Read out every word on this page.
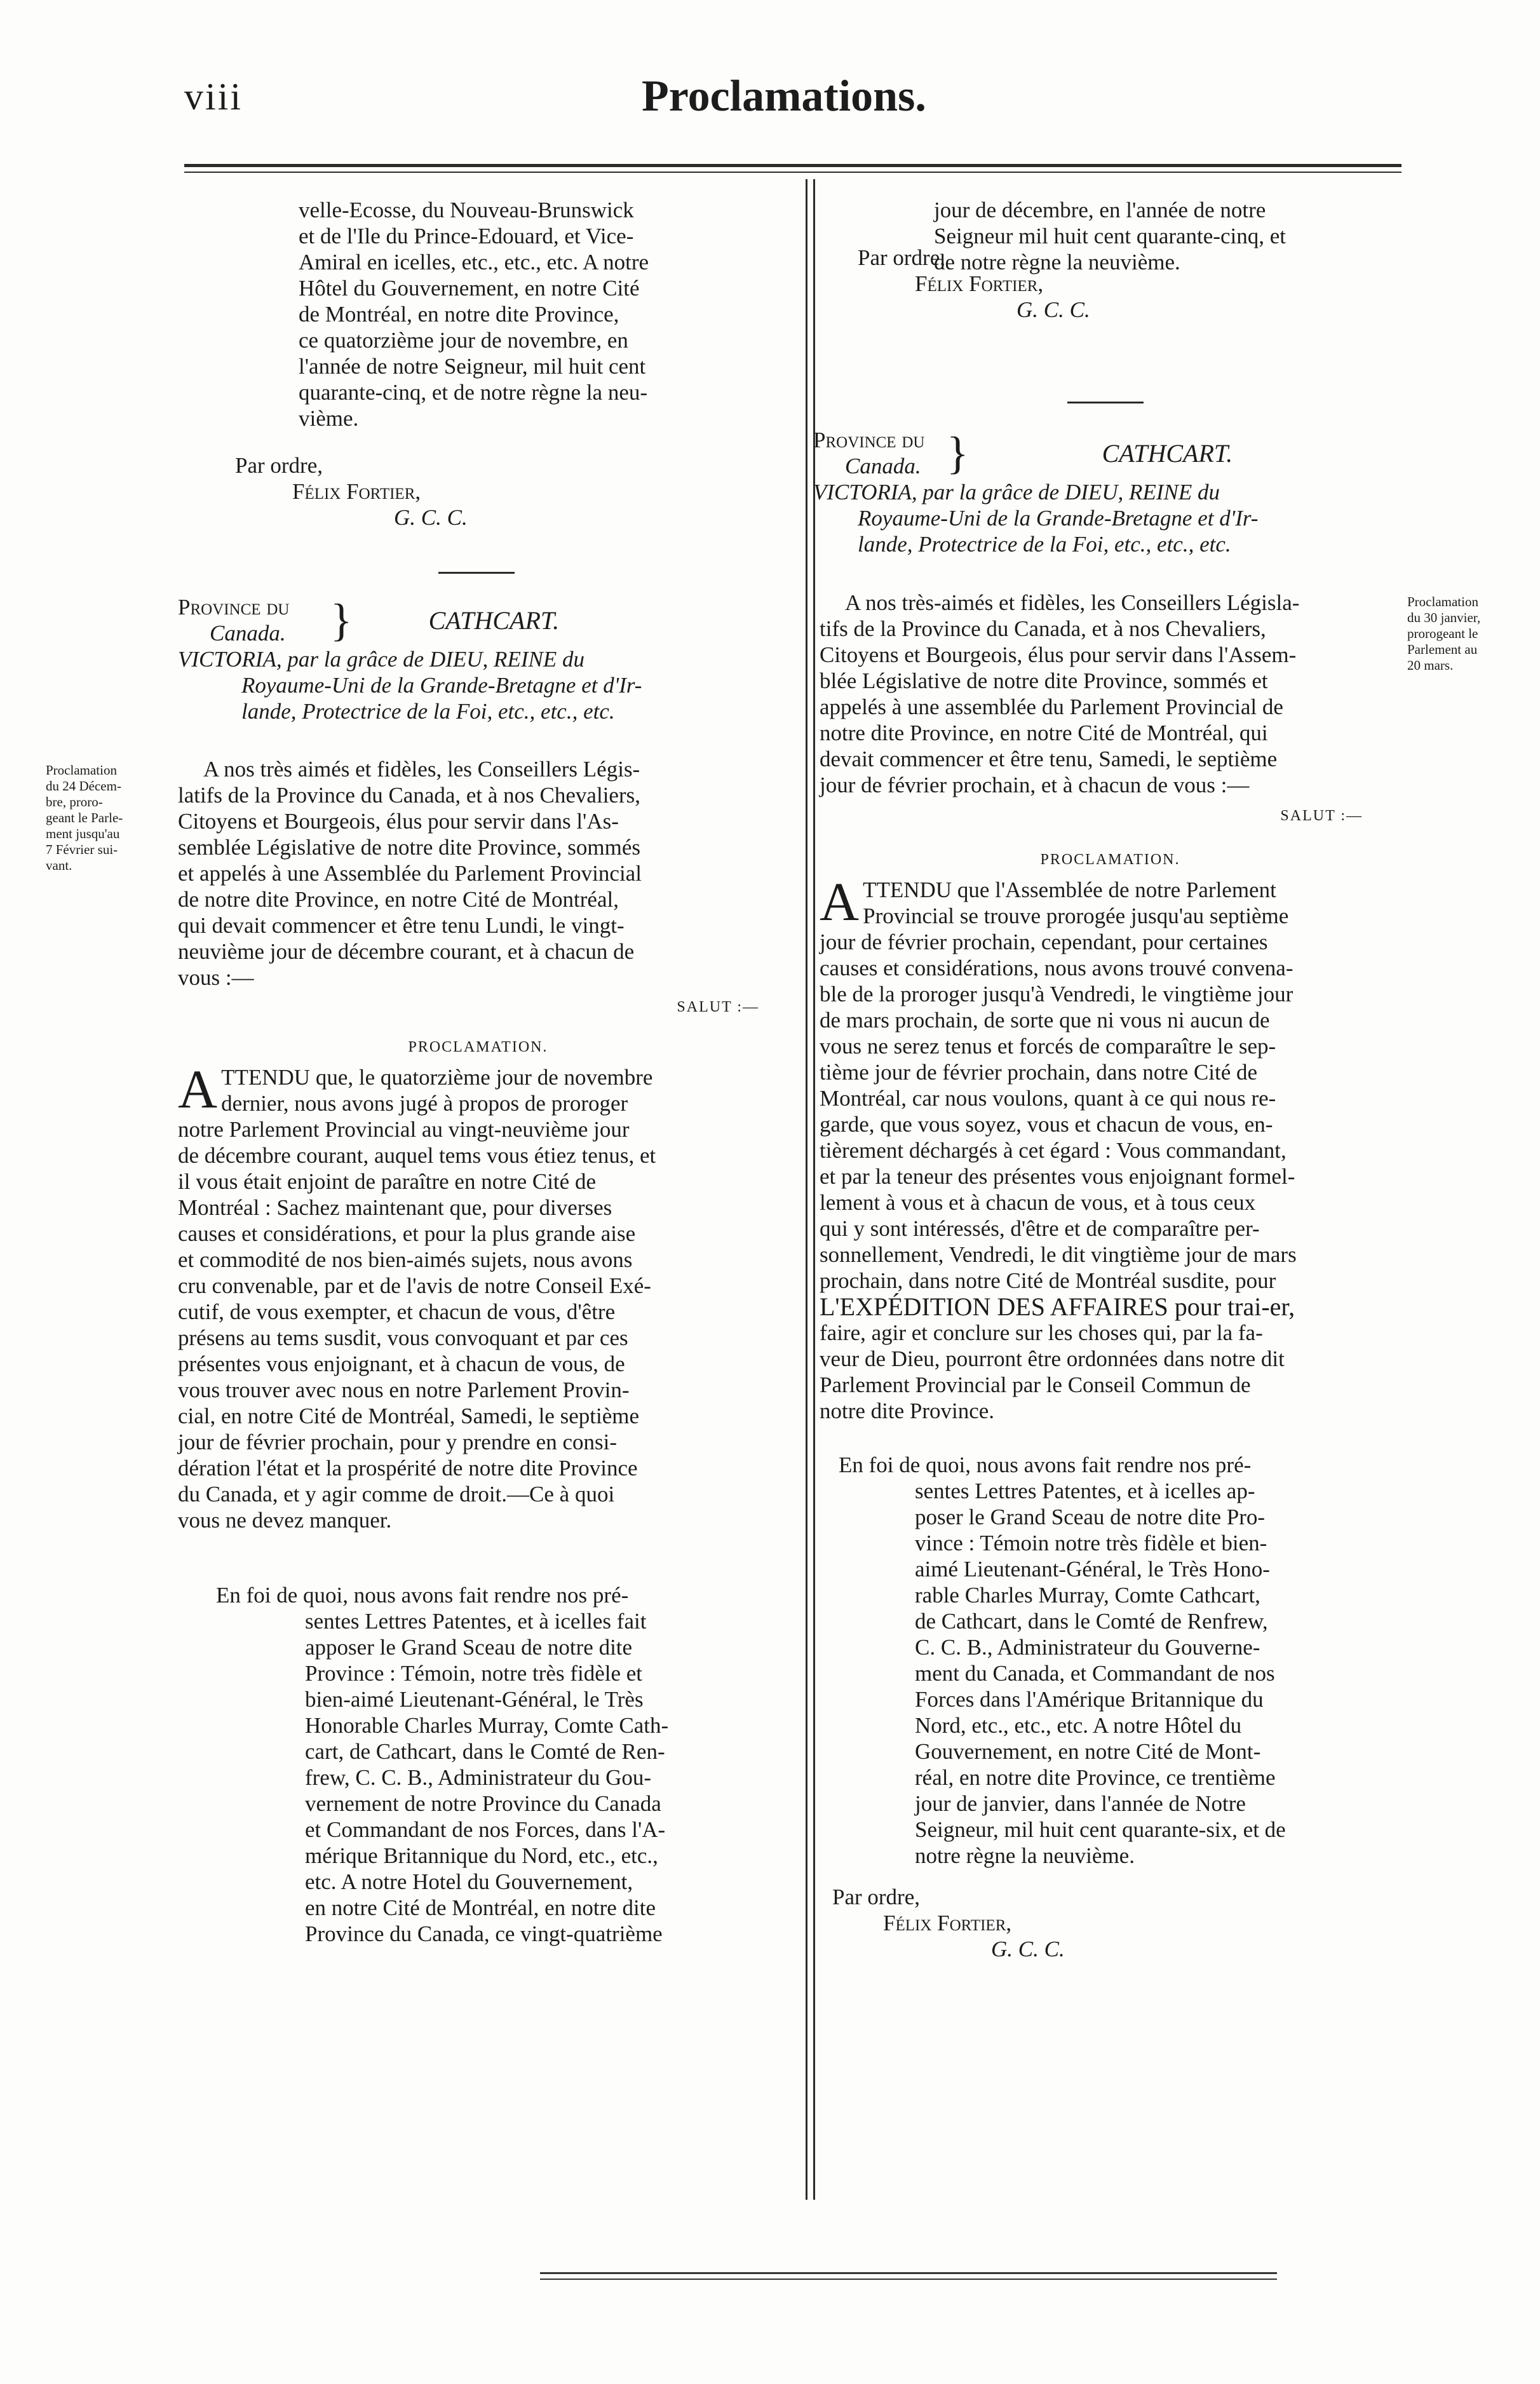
viii	Proclamations.

velle-Ecosse, du Nouveau-Brunswick

et de l'Ile du Prince-Edouard, et Vice-

Amiral en icelles, etc., etc., etc. A notre

Hôtel du Gouvernement, en notre Cité

de Montréal, en notre dite Province,

ce quatorzième jour de novembre, en

l'année de notre Seigneur, mil huit cent

quarante-cinq, et de notre règne la neu-

vième.

Par ordre,

Félix Fortier,

G. C. C.

Province du

Canada. }	CATHCART.

VICTORIA, par la grâce de DIEU, REINE du

Royaume-Uni de la Grande-Bretagne et d'Ir-

lande, Protectrice de la Foi, etc., etc., etc.

Proclamation
du 24 Décem-
bre, proro-
geant le Parle-
ment jusqu'au
7 Février sui-
vant.

A nos très aimés et fidèles, les Conseillers Légis-

latifs de la Province du Canada, et à nos Chevaliers,

Citoyens et Bourgeois, élus pour servir dans l'As-

semblée Législative de notre dite Province, sommés

et appelés à une Assemblée du Parlement Provincial

de notre dite Province, en notre Cité de Montréal,

qui devait commencer et être tenu Lundi, le vingt-

neuvième jour de décembre courant, et à chacun de

vous :—

SALUT :—

PROCLAMATION.

A TTENDU que, le quatorzième jour de novembre

dernier, nous avons jugé à propos de proroger

notre Parlement Provincial au vingt-neuvième jour

de décembre courant, auquel tems vous étiez tenus, et

il vous était enjoint de paraître en notre Cité de

Montréal : Sachez maintenant que, pour diverses

causes et considérations, et pour la plus grande aise

et commodité de nos bien-aimés sujets, nous avons

cru convenable, par et de l'avis de notre Conseil Exé-

cutif, de vous exempter, et chacun de vous, d'être

présens au tems susdit, vous convoquant et par ces

présentes vous enjoignant, et à chacun de vous, de

vous trouver avec nous en notre Parlement Provin-

cial, en notre Cité de Montréal, Samedi, le septième

jour de février prochain, pour y prendre en consi-

dération l'état et la prospérité de notre dite Province

du Canada, et y agir comme de droit.—Ce à quoi

vous ne devez manquer.

En foi de quoi, nous avons fait rendre nos pré-

sentes Lettres Patentes, et à icelles fait

apposer le Grand Sceau de notre dite

Province : Témoin, notre très fidèle et

bien-aimé Lieutenant-Général, le Très

Honorable Charles Murray, Comte Cath-

cart, de Cathcart, dans le Comté de Ren-

frew, C. C. B., Administrateur du Gou-

vernement de notre Province du Canada

et Commandant de nos Forces, dans l'A-

mérique Britannique du Nord, etc., etc.,

etc. A notre Hotel du Gouvernement,

en notre Cité de Montréal, en notre dite

Province du Canada, ce vingt-quatrième

jour de décembre, en l'année de notre

Seigneur mil huit cent quarante-cinq, et

de notre règne la neuvième.

Par ordre,

Félix Fortier,

G. C. C.

Province du

Canada. }	CATHCART.

VICTORIA, par la grâce de DIEU, REINE du

Royaume-Uni de la Grande-Bretagne et d'Ir-

lande, Protectrice de la Foi, etc., etc., etc.

Proclamation
du 30 janvier,
prorogeant le
Parlement au
20 mars.

A nos très-aimés et fidèles, les Conseillers Législa-

tifs de la Province du Canada, et à nos Chevaliers,

Citoyens et Bourgeois, élus pour servir dans l'Assem-

blée Législative de notre dite Province, sommés et

appelés à une assemblée du Parlement Provincial de

notre dite Province, en notre Cité de Montréal, qui

devait commencer et être tenu, Samedi, le septième

jour de février prochain, et à chacun de vous :—

SALUT :—

PROCLAMATION.

A TTENDU que l'Assemblée de notre Parlement

Provincial se trouve prorogée jusqu'au septième

jour de février prochain, cependant, pour certaines

causes et considérations, nous avons trouvé convena-

ble de la proroger jusqu'à Vendredi, le vingtième jour

de mars prochain, de sorte que ni vous ni aucun de

vous ne serez tenus et forcés de comparaître le sep-

tième jour de février prochain, dans notre Cité de

Montréal, car nous voulons, quant à ce qui nous re-

garde, que vous soyez, vous et chacun de vous, en-

tièrement déchargés à cet égard : Vous commandant,

et par la teneur des présentes vous enjoignant formel-

lement à vous et à chacun de vous, et à tous ceux

qui y sont intéressés, d'être et de comparaître per-

sonnellement, Vendredi, le dit vingtième jour de mars

prochain, dans notre Cité de Montréal susdite, pour

L'EXPÉDITION DES AFFAIRES pour trai-er,

faire, agir et conclure sur les choses qui, par la fa-

veur de Dieu, pourront être ordonnées dans notre dit

Parlement Provincial par le Conseil Commun de

notre dite Province.

En foi de quoi, nous avons fait rendre nos pré-

sentes Lettres Patentes, et à icelles ap-

poser le Grand Sceau de notre dite Pro-

vince : Témoin notre très fidèle et bien-

aimé Lieutenant-Général, le Très Hono-

rable Charles Murray, Comte Cathcart,

de Cathcart, dans le Comté de Renfrew,

C. C. B., Administrateur du Gouverne-

ment du Canada, et Commandant de nos

Forces dans l'Amérique Britannique du

Nord, etc., etc., etc. A notre Hôtel du

Gouvernement, en notre Cité de Mont-

réal, en notre dite Province, ce trentième

jour de janvier, dans l'année de Notre

Seigneur, mil huit cent quarante-six, et de

notre règne la neuvième.

Par ordre,

Félix Fortier,

G. C. C.
